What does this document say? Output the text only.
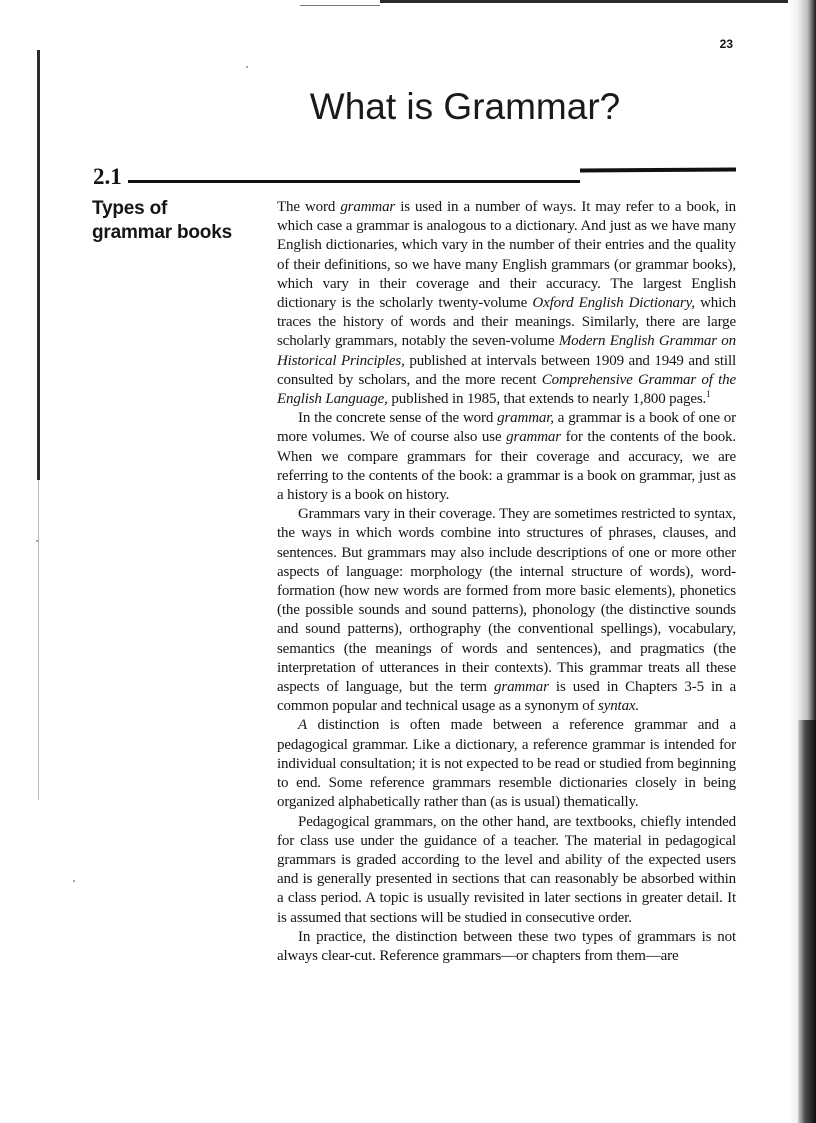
23
What is Grammar?
2.1
Types of
grammar books

The word grammar is used in a number of ways. It may refer to a book, in which case a grammar is analogous to a dictionary. And just as we have many English dictionaries, which vary in the number of their entries and the quality of their definitions, so we have many English grammars (or grammar books), which vary in their coverage and their accuracy. The largest English dictionary is the scholarly twenty-volume Oxford English Dictionary, which traces the history of words and their meanings. Similarly, there are large scholarly grammars, notably the seven-volume Modern English Grammar on Historical Principles, published at intervals between 1909 and 1949 and still consulted by scholars, and the more recent Comprehensive Grammar of the English Language, published in 1985, that extends to nearly 1,800 pages.$^1$

In the concrete sense of the word grammar, a grammar is a book of one or more volumes. We of course also use grammar for the contents of the book. When we compare grammars for their coverage and accuracy, we are referring to the contents of the book: a grammar is a book on grammar, just as a history is a book on history.

Grammars vary in their coverage. They are sometimes restricted to syntax, the ways in which words combine into structures of phrases, clauses, and sentences. But grammars may also include descriptions of one or more other aspects of language: morphology (the internal structure of words), word-formation (how new words are formed from more basic elements), phonetics (the possible sounds and sound patterns), phonology (the distinctive sounds and sound patterns), orthography (the conventional spellings), vocabulary, semantics (the meanings of words and sentences), and pragmatics (the interpretation of utterances in their contexts). This grammar treats all these aspects of language, but the term grammar is used in Chapters 3-5 in a common popular and technical usage as a synonym of syntax.

A distinction is often made between a reference grammar and a pedagogical grammar. Like a dictionary, a reference grammar is intended for individual consultation; it is not expected to be read or studied from beginning to end. Some reference grammars resemble dictionaries closely in being organized alphabetically rather than (as is usual) thematically.

Pedagogical grammars, on the other hand, are textbooks, chiefly intended for class use under the guidance of a teacher. The material in pedagogical grammars is graded according to the level and ability of the expected users and is generally presented in sections that can reasonably be absorbed within a class period. A topic is usually revisited in later sections in greater detail. It is assumed that sections will be studied in consecutive order.

In practice, the distinction between these two types of grammars is not always clear-cut. Reference grammars—or chapters from them—are
